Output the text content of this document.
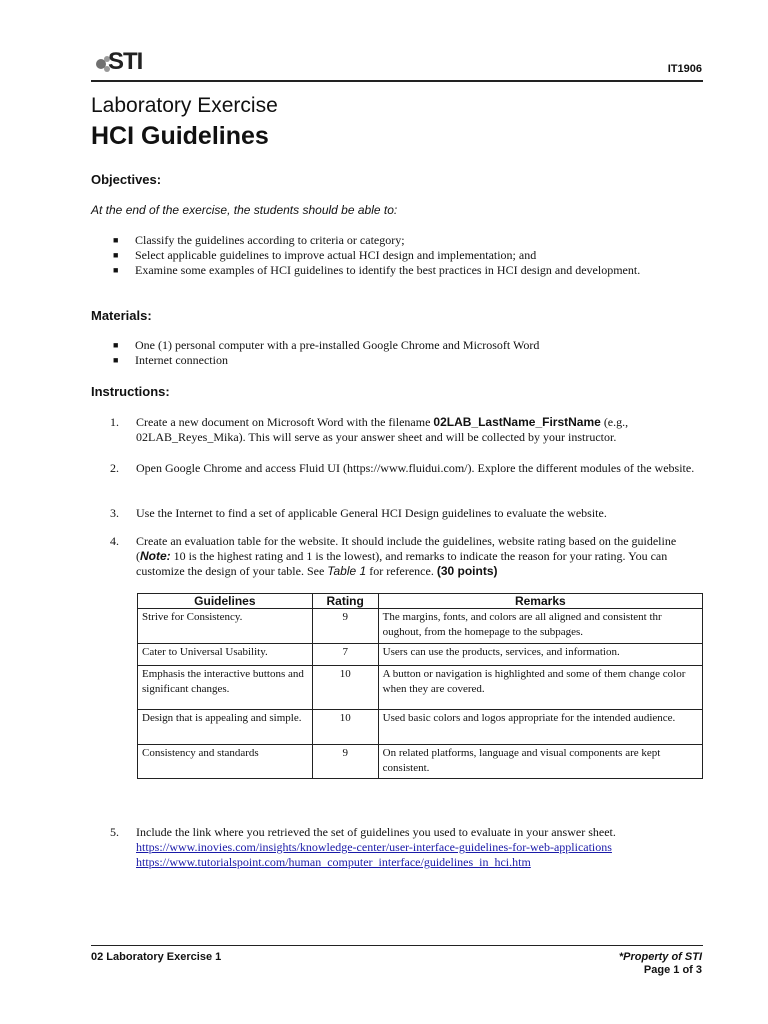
STI	IT1906
Laboratory Exercise
HCI Guidelines
Objectives:
At the end of the exercise, the students should be able to:
■ Classify the guidelines according to criteria or category;
■ Select applicable guidelines to improve actual HCI design and implementation; and
■ Examine some examples of HCI guidelines to identify the best practices in HCI design and development.
Materials:
■ One (1) personal computer with a pre-installed Google Chrome and Microsoft Word
■ Internet connection
Instructions:
1. Create a new document on Microsoft Word with the filename 02LAB_LastName_FirstName (e.g., 02LAB_Reyes_Mika). This will serve as your answer sheet and will be collected by your instructor.
2. Open Google Chrome and access Fluid UI (https://www.fluidui.com/). Explore the different modules of the website.
3. Use the Internet to find a set of applicable General HCI Design guidelines to evaluate the website.
4. Create an evaluation table for the website. It should include the guidelines, website rating based on the guideline (Note: 10 is the highest rating and 1 is the lowest), and remarks to indicate the reason for your rating. You can customize the design of your table. See Table 1 for reference. (30 points)
Guidelines	Rating	Remarks
Strive for Consistency.	9	The margins, fonts, and colors are all aligned and consistent thr oughout, from the homepage to the subpages.
Cater to Universal Usability.	7	Users can use the products, services, and information.
Emphasis the interactive buttons and significant changes.	10	A button or navigation is highlighted and some of them change color when they are covered.
Design that is appealing and simple.	10	Used basic colors and logos appropriate for the intended audience.
Consistency and standards	9	On related platforms, language and visual components are kept consistent.
5. Include the link where you retrieved the set of guidelines you used to evaluate in your answer sheet.
https://www.inovies.com/insights/knowledge-center/user-interface-guidelines-for-web-applications
https://www.tutorialspoint.com/human_computer_interface/guidelines_in_hci.htm
02 Laboratory Exercise 1	*Property of STI
Page 1 of 3
